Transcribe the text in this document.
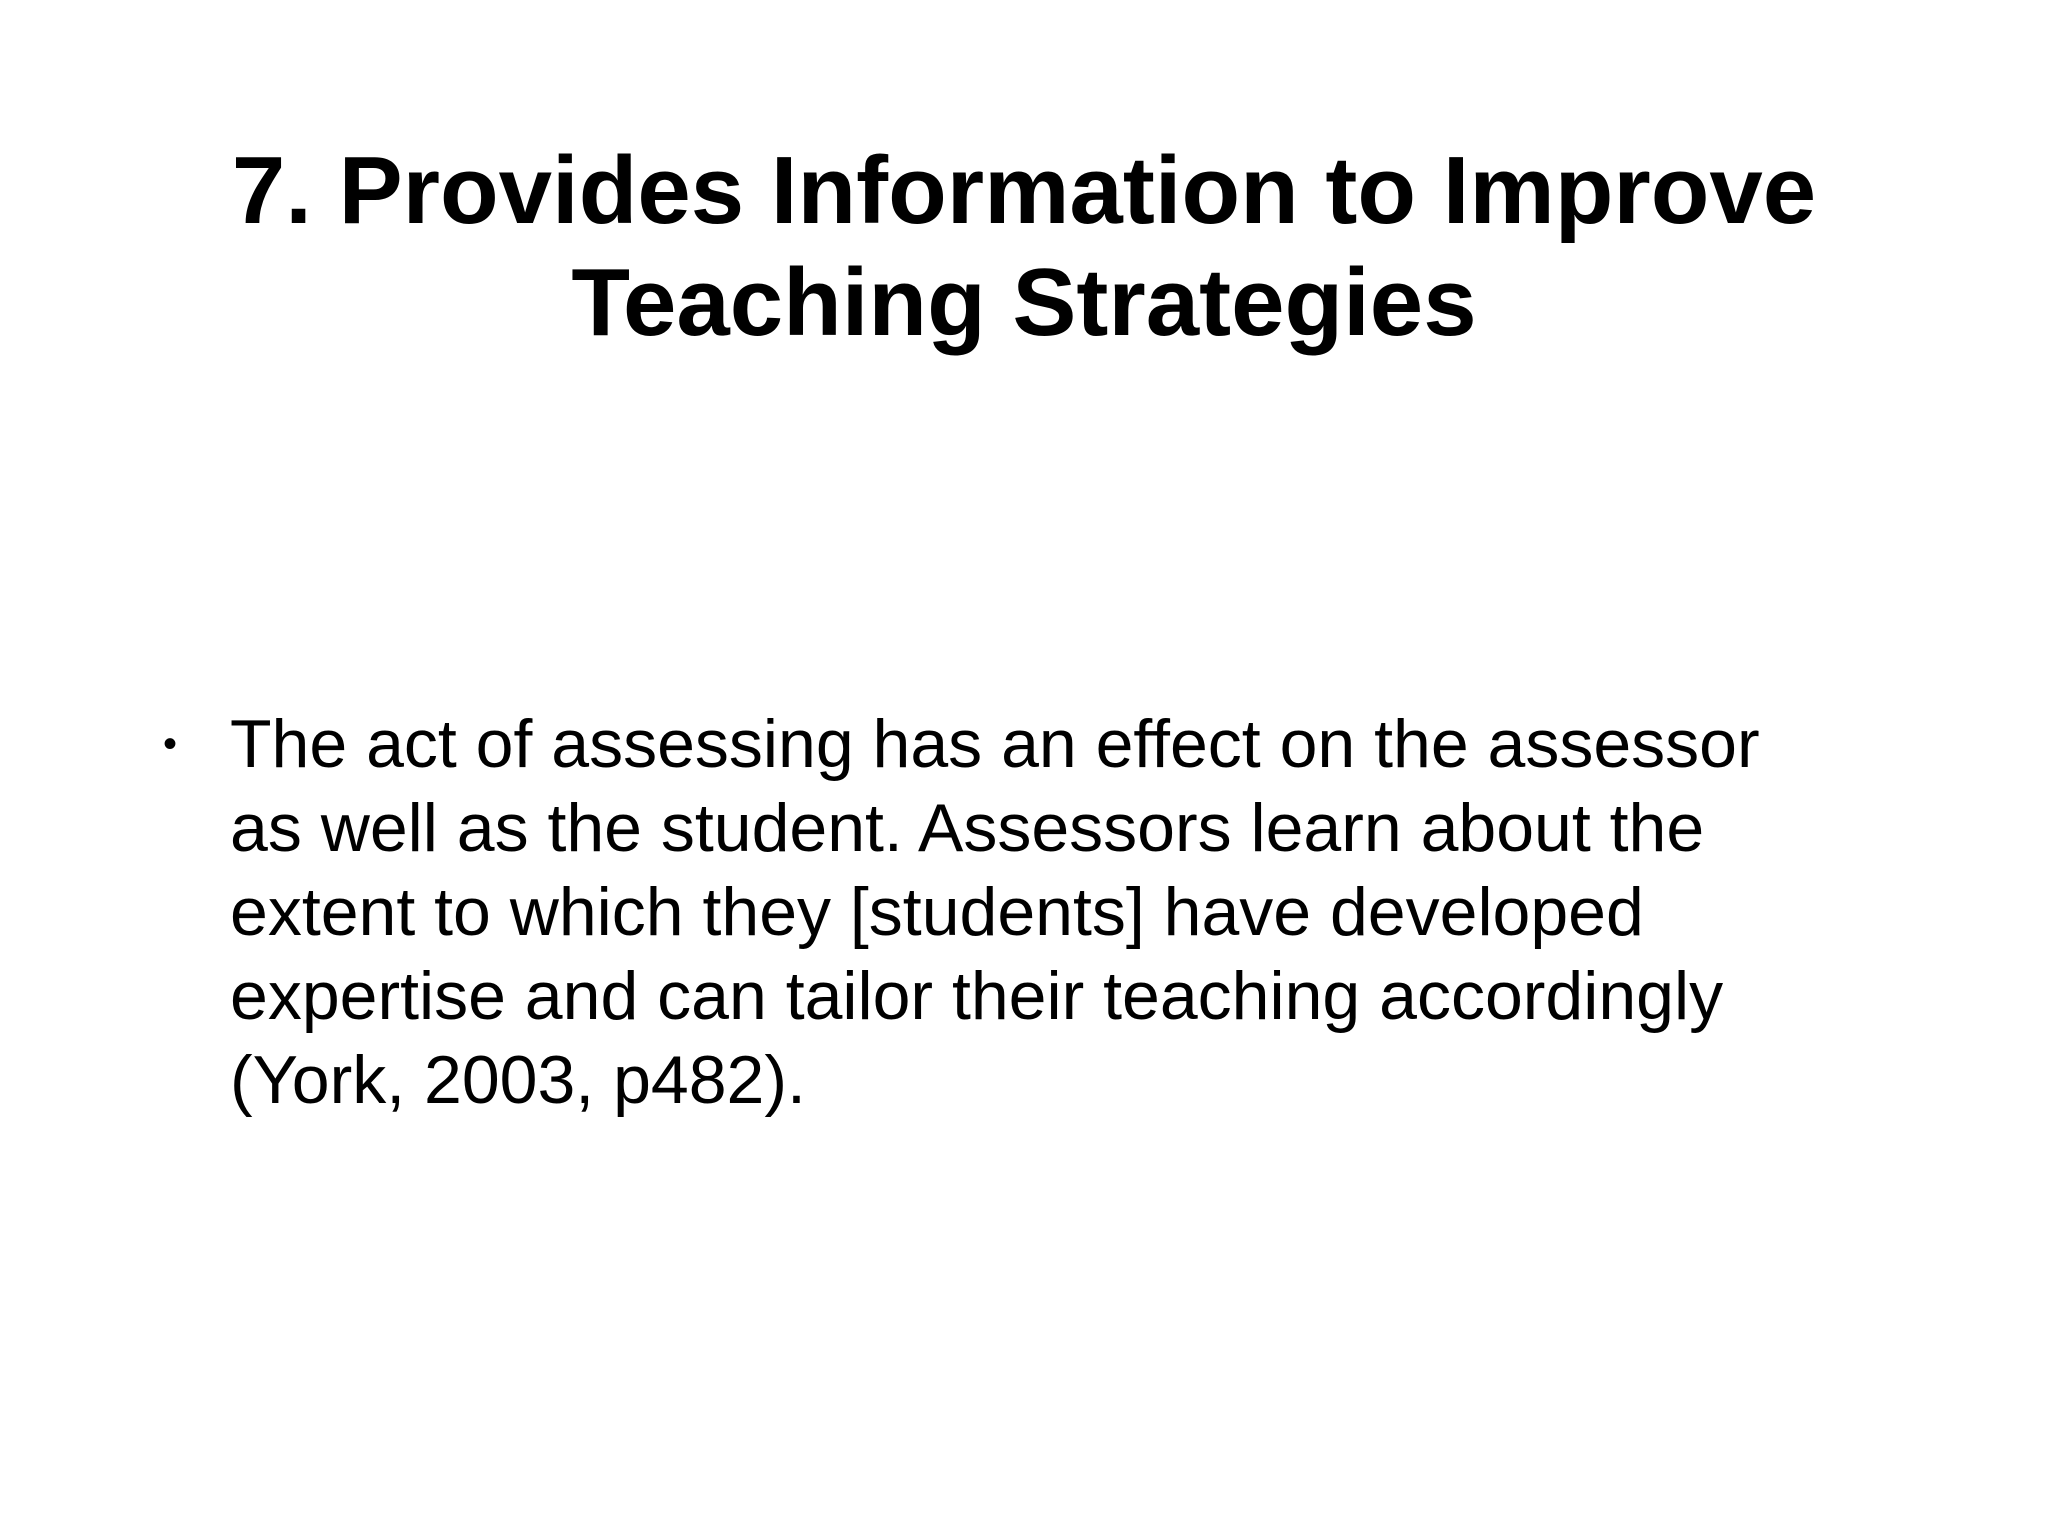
7. Provides Information to Improve
Teaching Strategies
• The act of assessing has an effect on the assessor
as well as the student. Assessors learn about the
extent to which they [students] have developed
expertise and can tailor their teaching accordingly
(York, 2003, p482).
